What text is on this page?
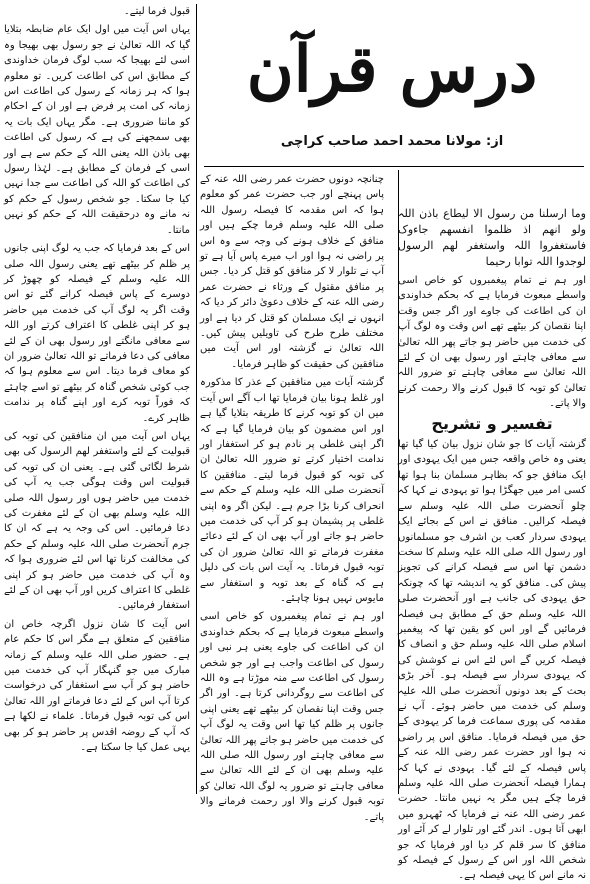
درس قرآن
از: مولانا محمد احمد صاحب کراچی

وما ارسلنا من رسول الا لیطاع باذن اللہ ولو انھم اذ ظلموا انفسھم جاءوک فاستغفروا اللہ واستغفر لھم الرسول لوجدوا اللہ توابا رحیما

اور ہم نے تمام پیغمبروں کو خاص اسی واسطے مبعوث فرمایا ہے کہ بحکم خداوندی ان کی اطاعت کی جاوے اور اگر جس وقت اپنا نقصان کر بیٹھے تھے اس وقت وہ لوگ آپ کی خدمت میں حاضر ہو جاتے پھر اللہ تعالیٰ سے معافی چاہتے اور رسول بھی ان کے لئے اللہ تعالیٰ سے معافی چاہتے تو ضرور اللہ تعالیٰ کو توبہ کا قبول کرنے والا رحمت کرنے والا پاتے۔

تفسیر و تشریح

گزشتہ آیات کا جو شان نزول بیان کیا گیا تھا یعنی وہ خاص واقعہ جس میں ایک یہودی اور ایک منافق جو کہ بظاہر مسلمان بنا ہوا تھا کسی امر میں جھگڑا ہوا تو یہودی نے کہا کہ چلو آنحضرت صلی اللہ علیہ وسلم سے فیصلہ کرالیں۔ منافق نے اس کے بجائے ایک یہودی سردار کعب بن اشرف جو مسلمانوں اور رسول اللہ صلی اللہ علیہ وسلم کا سخت دشمن تھا اس سے فیصلہ کرانے کی تجویز پیش کی۔ منافق کو یہ اندیشہ تھا کہ چونکہ حق یہودی کی جانب ہے اور آنحضرت صلی اللہ علیہ وسلم حق کے مطابق ہی فیصلہ فرمائیں گے اور اس کو یقین تھا کہ پیغمبر اسلام صلی اللہ علیہ وسلم حق و انصاف کا فیصلہ کریں گے اس لئے اس نے کوشش کی کہ یہودی سردار سے فیصلہ ہو۔ آخر بڑی بحث کے بعد دونوں آنحضرت صلی اللہ علیہ وسلم کی خدمت میں حاضر ہوئے۔ آپ نے مقدمہ کی پوری سماعت فرما کر یہودی کے حق میں فیصلہ فرمایا۔ منافق اس پر راضی نہ ہوا اور حضرت عمر رضی اللہ عنہ کے پاس فیصلہ کے لئے گیا۔ یہودی نے کہا کہ ہمارا فیصلہ آنحضرت صلی اللہ علیہ وسلم فرما چکے ہیں مگر یہ نہیں مانتا۔ حضرت عمر رضی اللہ عنہ نے فرمایا کہ ٹھہرو میں ابھی آتا ہوں۔ اندر گئے اور تلوار لے کر آئے اور منافق کا سر قلم کر دیا اور فرمایا کہ جو شخص اللہ اور اس کے رسول کے فیصلہ کو نہ مانے اس کا یہی فیصلہ ہے۔

چنانچہ دونوں حضرت عمر رضی اللہ عنہ کے پاس پہنچے اور جب حضرت عمر کو معلوم ہوا کہ اس مقدمہ کا فیصلہ رسول اللہ صلی اللہ علیہ وسلم فرما چکے ہیں اور منافق کے خلاف ہونے کی وجہ سے وہ اس پر راضی نہ ہوا اور اب میرے پاس آیا ہے تو آپ نے تلوار لا کر منافق کو قتل کر دیا۔ جس پر منافق مقتول کے ورثاء نے حضرت عمر رضی اللہ عنہ کے خلاف دعویٰ دائر کر دیا کہ انہوں نے ایک مسلمان کو قتل کر دیا ہے اور مختلف طرح طرح کی تاویلیں پیش کیں۔ اللہ تعالیٰ نے گزشتہ اور اس آیت میں منافقین کی حقیقت کو ظاہر فرمایا۔

گزشتہ آیات میں منافقین کے عذر کا مذکورہ اور غلط ہونا بیان فرمایا تھا اب آگے اس آیت میں ان کو توبہ کرنے کا طریقہ بتلایا گیا ہے اور اس مضمون کو بیان فرمایا گیا ہے کہ اگر اپنی غلطی پر نادم ہو کر استغفار اور ندامت اختیار کرتے تو ضرور اللہ تعالیٰ ان کی توبہ کو قبول فرما لیتے۔ منافقین کا آنحضرت صلی اللہ علیہ وسلم کے حکم سے انحراف کرنا بڑا جرم ہے۔ لیکن اگر وہ اپنی غلطی پر پشیمان ہو کر آپ کی خدمت میں حاضر ہو جاتے اور آپ بھی ان کے لئے دعائے مغفرت فرماتے تو اللہ تعالیٰ ضرور ان کی توبہ قبول فرماتا۔ یہ آیت اس بات کی دلیل ہے کہ گناہ کے بعد توبہ و استغفار سے مایوس نہیں ہونا چاہئے۔

اور ہم نے تمام پیغمبروں کو خاص اسی واسطے مبعوث فرمایا ہے کہ بحکم خداوندی ان کی اطاعت کی جاوے یعنی ہر نبی اور رسول کی اطاعت واجب ہے اور جو شخص رسول کی اطاعت سے منہ موڑتا ہے وہ اللہ کی اطاعت سے روگردانی کرتا ہے۔ اور اگر جس وقت اپنا نقصان کر بیٹھے تھے یعنی اپنی جانوں پر ظلم کیا تھا اس وقت یہ لوگ آپ کی خدمت میں حاضر ہو جاتے پھر اللہ تعالیٰ سے معافی چاہتے اور رسول اللہ صلی اللہ علیہ وسلم بھی ان کے لئے اللہ تعالیٰ سے معافی چاہتے تو ضرور یہ لوگ اللہ تعالیٰ کو توبہ قبول کرنے والا اور رحمت فرمانے والا پاتے۔

قبول فرما لیتے۔

یہاں اس آیت میں اول ایک عام ضابطہ بتلایا گیا کہ اللہ تعالیٰ نے جو رسول بھی بھیجا وہ اسی لئے بھیجا کہ سب لوگ فرمان خداوندی کے مطابق اس کی اطاعت کریں۔ تو معلوم ہوا کہ ہر زمانہ کے رسول کی اطاعت اس زمانہ کی امت پر فرض ہے اور ان کے احکام کو ماننا ضروری ہے۔ مگر یہاں ایک بات یہ بھی سمجھنے کی ہے کہ رسول کی اطاعت بھی باذن اللہ یعنی اللہ کے حکم سے ہے اور اسی کے فرمان کے مطابق ہے۔ لہٰذا رسول کی اطاعت کو اللہ کی اطاعت سے جدا نہیں کیا جا سکتا۔ جو شخص رسول کے حکم کو نہ مانے وہ درحقیقت اللہ کے حکم کو نہیں مانتا۔

اس کے بعد فرمایا کہ جب یہ لوگ اپنی جانوں پر ظلم کر بیٹھے تھے یعنی رسول اللہ صلی اللہ علیہ وسلم کے فیصلہ کو چھوڑ کر دوسرے کے پاس فیصلہ کرانے گئے تو اس وقت اگر یہ لوگ آپ کی خدمت میں حاضر ہو کر اپنی غلطی کا اعتراف کرتے اور اللہ سے معافی مانگتے اور رسول بھی ان کے لئے معافی کی دعا فرماتے تو اللہ تعالیٰ ضرور ان کو معاف فرما دیتا۔ اس سے معلوم ہوا کہ جب کوئی شخص گناہ کر بیٹھے تو اسے چاہئے کہ فوراً توبہ کرے اور اپنے گناہ پر ندامت ظاہر کرے۔

یہاں اس آیت میں ان منافقین کی توبہ کی قبولیت کے لئے واستغفر لھم الرسول کی بھی شرط لگائی گئی ہے۔ یعنی ان کی توبہ کی قبولیت اس وقت ہوگی جب یہ آپ کی خدمت میں حاضر ہوں اور رسول اللہ صلی اللہ علیہ وسلم بھی ان کے لئے مغفرت کی دعا فرمائیں۔ اس کی وجہ یہ ہے کہ ان کا جرم آنحضرت صلی اللہ علیہ وسلم کے حکم کی مخالفت کرنا تھا اس لئے ضروری ہوا کہ وہ آپ کی خدمت میں حاضر ہو کر اپنی غلطی کا اعتراف کریں اور آپ بھی ان کے لئے استغفار فرمائیں۔

اس آیت کا شان نزول اگرچہ خاص ان منافقین کے متعلق ہے مگر اس کا حکم عام ہے۔ حضور صلی اللہ علیہ وسلم کے زمانہ مبارک میں جو گنہگار آپ کی خدمت میں حاضر ہو کر آپ سے استغفار کی درخواست کرتا آپ اس کے لئے دعا فرماتے اور اللہ تعالیٰ اس کی توبہ قبول فرماتا۔ علماء نے لکھا ہے کہ آپ کے روضہ اقدس پر حاضر ہو کر بھی یہی عمل کیا جا سکتا ہے۔
